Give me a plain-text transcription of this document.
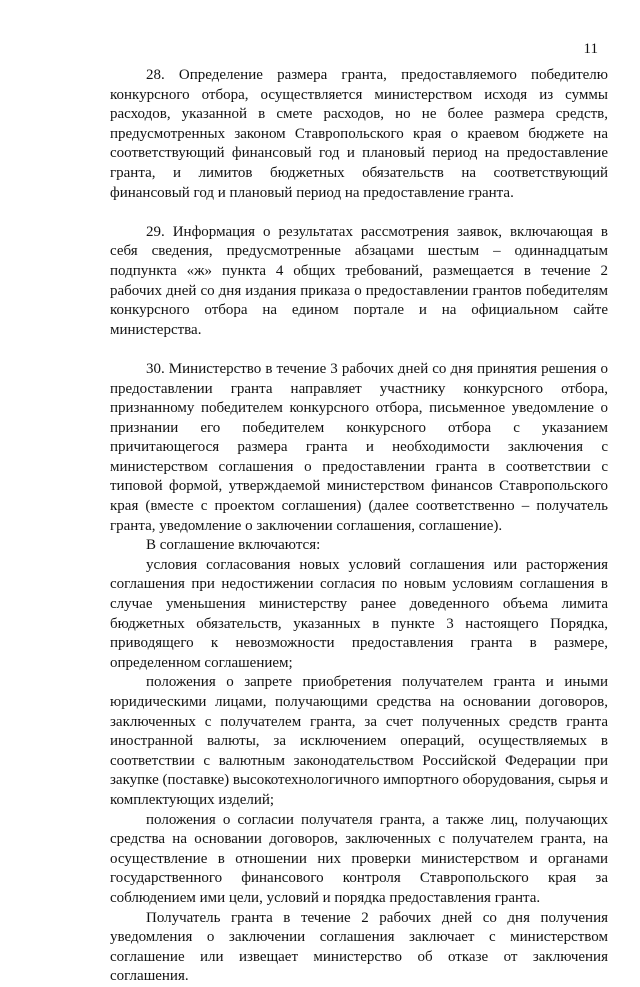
11

28. Определение размера гранта, предоставляемого победителю конкурсного отбора, осуществляется министерством исходя из суммы расходов, указанной в смете расходов, но не более размера средств, предусмотренных законом Ставропольского края о краевом бюджете на соответствующий финансовый год и плановый период на предоставление гранта, и лимитов бюджетных обязательств на соответствующий финансовый год и плановый период на предоставление гранта.

29. Информация о результатах рассмотрения заявок, включающая в себя сведения, предусмотренные абзацами шестым – одиннадцатым подпункта «ж» пункта 4 общих требований, размещается в течение 2 рабочих дней со дня издания приказа о предоставлении грантов победителям конкурсного отбора на едином портале и на официальном сайте министерства.

30. Министерство в течение 3 рабочих дней со дня принятия решения о предоставлении гранта направляет участнику конкурсного отбора, признанному победителем конкурсного отбора, письменное уведомление о признании его победителем конкурсного отбора с указанием причитающегося размера гранта и необходимости заключения с министерством соглашения о предоставлении гранта в соответствии с типовой формой, утверждаемой министерством финансов Ставропольского края (вместе с проектом соглашения) (далее соответственно – получатель гранта, уведомление о заключении соглашения, соглашение).

В соглашение включаются:

условия согласования новых условий соглашения или расторжения соглашения при недостижении согласия по новым условиям соглашения в случае уменьшения министерству ранее доведенного объема лимита бюджетных обязательств, указанных в пункте 3 настоящего Порядка, приводящего к невозможности предоставления гранта в размере, определенном соглашением;

положения о запрете приобретения получателем гранта и иными юридическими лицами, получающими средства на основании договоров, заключенных с получателем гранта, за счет полученных средств гранта иностранной валюты, за исключением операций, осуществляемых в соответствии с валютным законодательством Российской Федерации при закупке (поставке) высокотехнологичного импортного оборудования, сырья и комплектующих изделий;

положения о согласии получателя гранта, а также лиц, получающих средства на основании договоров, заключенных с получателем гранта, на осуществление в отношении них проверки министерством и органами государственного финансового контроля Ставропольского края за соблюдением ими цели, условий и порядка предоставления гранта.

Получатель гранта в течение 2 рабочих дней со дня получения уведомления о заключении соглашения заключает с министерством соглашение или извещает министерство об отказе от заключения соглашения.
